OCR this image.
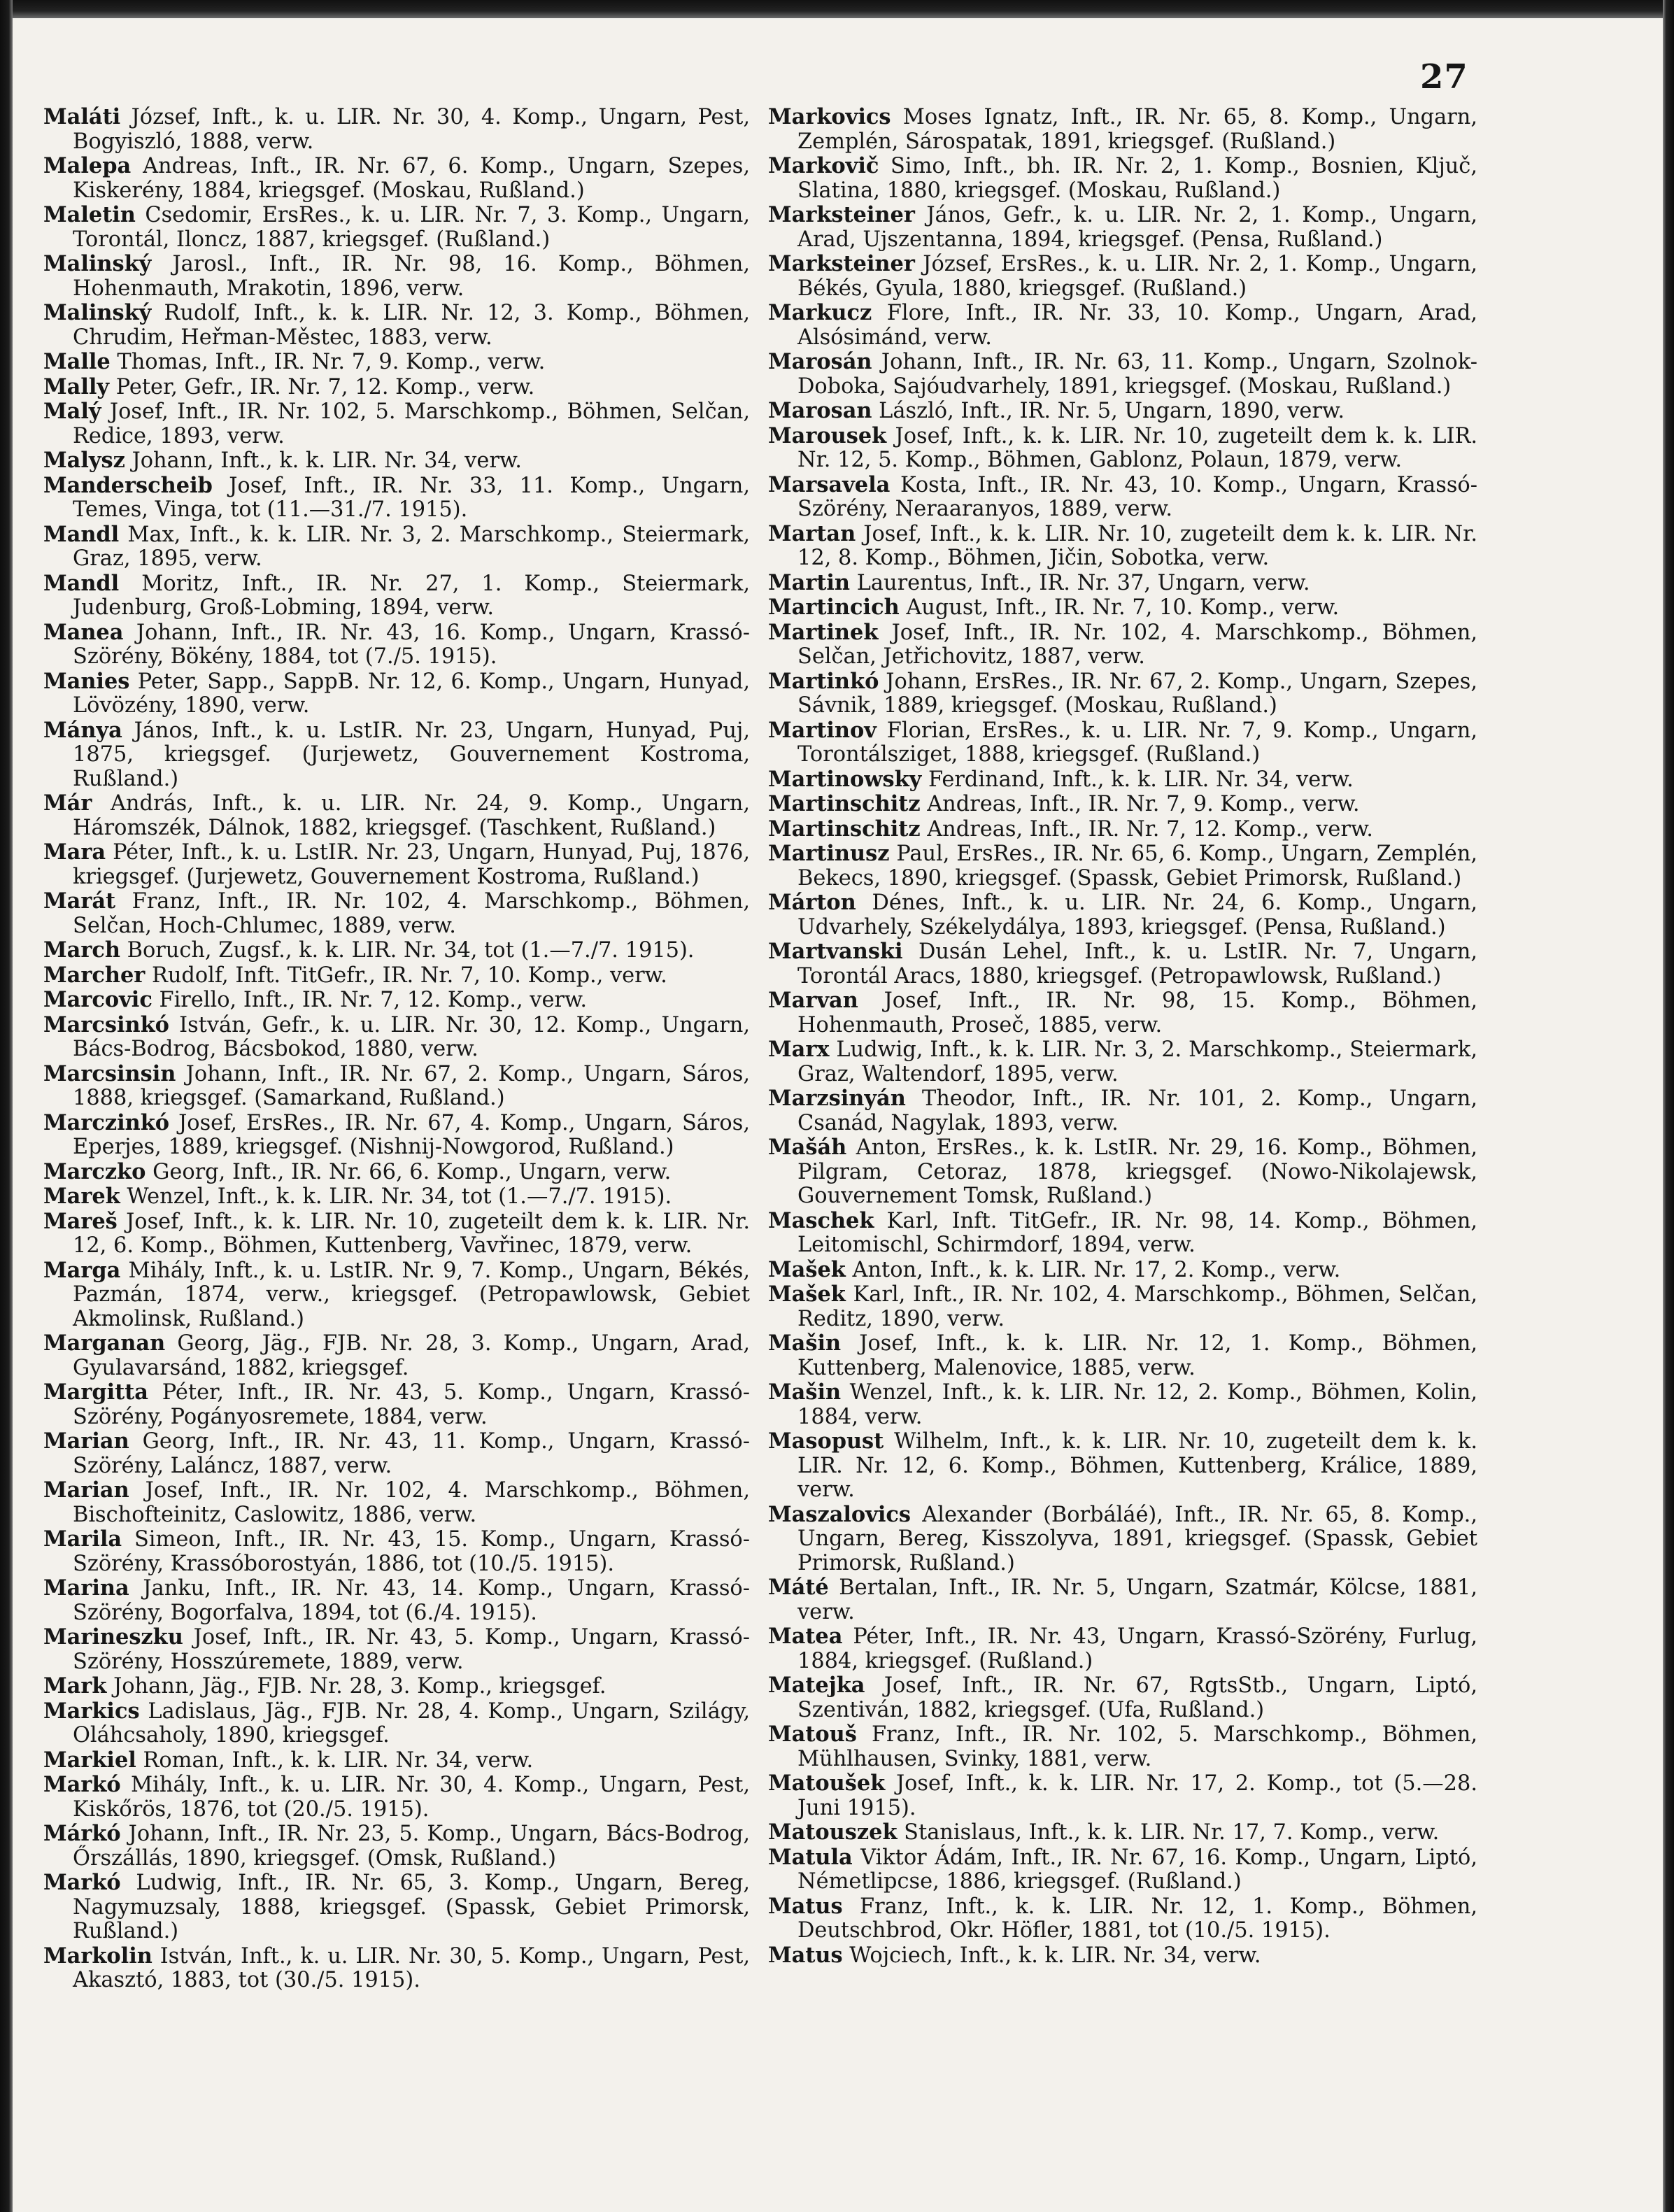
27

Maláti József, Inft., k. u. LIR. Nr. 30, 4. Komp., Ungarn, Pest, Bogyiszló, 1888, verw.

Malepa Andreas, Inft., IR. Nr. 67, 6. Komp., Ungarn, Szepes, Kiskerény, 1884, kriegsgef. (Moskau, Rußland.)

Maletin Csedomir, ErsRes., k. u. LIR. Nr. 7, 3. Komp., Ungarn, Torontál, Iloncz, 1887, kriegsgef. (Rußland.)

Malinský Jarosl., Inft., IR. Nr. 98, 16. Komp., Böhmen, Hohenmauth, Mrakotin, 1896, verw.

Malinský Rudolf, Inft., k. k. LIR. Nr. 12, 3. Komp., Böhmen, Chrudim, Heřman-Městec, 1883, verw.

Malle Thomas, Inft., IR. Nr. 7, 9. Komp., verw.

Mally Peter, Gefr., IR. Nr. 7, 12. Komp., verw.

Malý Josef, Inft., IR. Nr. 102, 5. Marschkomp., Böhmen, Selčan, Redice, 1893, verw.

Malysz Johann, Inft., k. k. LIR. Nr. 34, verw.

Manderscheib Josef, Inft., IR. Nr. 33, 11. Komp., Ungarn, Temes, Vinga, tot (11.—31./7. 1915).

Mandl Max, Inft., k. k. LIR. Nr. 3, 2. Marschkomp., Steiermark, Graz, 1895, verw.

Mandl Moritz, Inft., IR. Nr. 27, 1. Komp., Steiermark, Judenburg, Groß-Lobming, 1894, verw.

Manea Johann, Inft., IR. Nr. 43, 16. Komp., Ungarn, Krassó-Szörény, Bökény, 1884, tot (7./5. 1915).

Manies Peter, Sapp., SappB. Nr. 12, 6. Komp., Ungarn, Hunyad, Lövözény, 1890, verw.

Mánya János, Inft., k. u. LstIR. Nr. 23, Ungarn, Hunyad, Puj, 1875, kriegsgef. (Jurjewetz, Gouvernement Kostroma, Rußland.)

Már András, Inft., k. u. LIR. Nr. 24, 9. Komp., Ungarn, Háromszék, Dálnok, 1882, kriegsgef. (Taschkent, Rußland.)

Mara Péter, Inft., k. u. LstIR. Nr. 23, Ungarn, Hunyad, Puj, 1876, kriegsgef. (Jurjewetz, Gouvernement Kostroma, Rußland.)

Marát Franz, Inft., IR. Nr. 102, 4. Marschkomp., Böhmen, Selčan, Hoch-Chlumec, 1889, verw.

March Boruch, Zugsf., k. k. LIR. Nr. 34, tot (1.—7./7. 1915).

Marcher Rudolf, Inft. TitGefr., IR. Nr. 7, 10. Komp., verw.

Marcovic Firello, Inft., IR. Nr. 7, 12. Komp., verw.

Marcsinkó István, Gefr., k. u. LIR. Nr. 30, 12. Komp., Ungarn, Bács-Bodrog, Bácsbokod, 1880, verw.

Marcsinsin Johann, Inft., IR. Nr. 67, 2. Komp., Ungarn, Sáros, 1888, kriegsgef. (Samarkand, Rußland.)

Marczinkó Josef, ErsRes., IR. Nr. 67, 4. Komp., Ungarn, Sáros, Eperjes, 1889, kriegsgef. (Nishnij-Nowgorod, Rußland.)

Marczko Georg, Inft., IR. Nr. 66, 6. Komp., Ungarn, verw.

Marek Wenzel, Inft., k. k. LIR. Nr. 34, tot (1.—7./7. 1915).

Mareš Josef, Inft., k. k. LIR. Nr. 10, zugeteilt dem k. k. LIR. Nr. 12, 6. Komp., Böhmen, Kuttenberg, Vavřinec, 1879, verw.

Marga Mihály, Inft., k. u. LstIR. Nr. 9, 7. Komp., Ungarn, Békés, Pazmán, 1874, verw., kriegsgef. (Petropawlowsk, Gebiet Akmolinsk, Rußland.)

Marganan Georg, Jäg., FJB. Nr. 28, 3. Komp., Ungarn, Arad, Gyulavarsánd, 1882, kriegsgef.

Margitta Péter, Inft., IR. Nr. 43, 5. Komp., Ungarn, Krassó-Szörény, Pogányosremete, 1884, verw.

Marian Georg, Inft., IR. Nr. 43, 11. Komp., Ungarn, Krassó-Szörény, Laláncz, 1887, verw.

Marian Josef, Inft., IR. Nr. 102, 4. Marschkomp., Böhmen, Bischofteinitz, Caslowitz, 1886, verw.

Marila Simeon, Inft., IR. Nr. 43, 15. Komp., Ungarn, Krassó-Szörény, Krassóborostyán, 1886, tot (10./5. 1915).

Marina Janku, Inft., IR. Nr. 43, 14. Komp., Ungarn, Krassó-Szörény, Bogorfalva, 1894, tot (6./4. 1915).

Marineszku Josef, Inft., IR. Nr. 43, 5. Komp., Ungarn, Krassó-Szörény, Hosszúremete, 1889, verw.

Mark Johann, Jäg., FJB. Nr. 28, 3. Komp., kriegsgef.

Markics Ladislaus, Jäg., FJB. Nr. 28, 4. Komp., Ungarn, Szilágy, Oláhcsaholy, 1890, kriegsgef.

Markiel Roman, Inft., k. k. LIR. Nr. 34, verw.

Markó Mihály, Inft., k. u. LIR. Nr. 30, 4. Komp., Ungarn, Pest, Kiskőrös, 1876, tot (20./5. 1915).

Márkó Johann, Inft., IR. Nr. 23, 5. Komp., Ungarn, Bács-Bodrog, Őrszállás, 1890, kriegsgef. (Omsk, Rußland.)

Markó Ludwig, Inft., IR. Nr. 65, 3. Komp., Ungarn, Bereg, Nagymuzsaly, 1888, kriegsgef. (Spassk, Gebiet Primorsk, Rußland.)

Markolin István, Inft., k. u. LIR. Nr. 30, 5. Komp., Ungarn, Pest, Akasztó, 1883, tot (30./5. 1915).

Markovics Moses Ignatz, Inft., IR. Nr. 65, 8. Komp., Ungarn, Zemplén, Sárospatak, 1891, kriegsgef. (Rußland.)

Markovič Simo, Inft., bh. IR. Nr. 2, 1. Komp., Bosnien, Ključ, Slatina, 1880, kriegsgef. (Moskau, Rußland.)

Marksteiner János, Gefr., k. u. LIR. Nr. 2, 1. Komp., Ungarn, Arad, Ujszentanna, 1894, kriegsgef. (Pensa, Rußland.)

Marksteiner József, ErsRes., k. u. LIR. Nr. 2, 1. Komp., Ungarn, Békés, Gyula, 1880, kriegsgef. (Rußland.)

Markucz Flore, Inft., IR. Nr. 33, 10. Komp., Ungarn, Arad, Alsósimánd, verw.

Marosán Johann, Inft., IR. Nr. 63, 11. Komp., Ungarn, Szolnok-Doboka, Sajóudvarhely, 1891, kriegsgef. (Moskau, Rußland.)

Marosan László, Inft., IR. Nr. 5, Ungarn, 1890, verw.

Marousek Josef, Inft., k. k. LIR. Nr. 10, zugeteilt dem k. k. LIR. Nr. 12, 5. Komp., Böhmen, Gablonz, Polaun, 1879, verw.

Marsavela Kosta, Inft., IR. Nr. 43, 10. Komp., Ungarn, Krassó-Szörény, Neraaranyos, 1889, verw.

Martan Josef, Inft., k. k. LIR. Nr. 10, zugeteilt dem k. k. LIR. Nr. 12, 8. Komp., Böhmen, Jičin, Sobotka, verw.

Martin Laurentus, Inft., IR. Nr. 37, Ungarn, verw.

Martincich August, Inft., IR. Nr. 7, 10. Komp., verw.

Martinek Josef, Inft., IR. Nr. 102, 4. Marschkomp., Böhmen, Selčan, Jetřichovitz, 1887, verw.

Martinkó Johann, ErsRes., IR. Nr. 67, 2. Komp., Ungarn, Szepes, Sávnik, 1889, kriegsgef. (Moskau, Rußland.)

Martinov Florian, ErsRes., k. u. LIR. Nr. 7, 9. Komp., Ungarn, Torontálsziget, 1888, kriegsgef. (Rußland.)

Martinowsky Ferdinand, Inft., k. k. LIR. Nr. 34, verw.

Martinschitz Andreas, Inft., IR. Nr. 7, 9. Komp., verw.

Martinschitz Andreas, Inft., IR. Nr. 7, 12. Komp., verw.

Martinusz Paul, ErsRes., IR. Nr. 65, 6. Komp., Ungarn, Zemplén, Bekecs, 1890, kriegsgef. (Spassk, Gebiet Primorsk, Rußland.)

Márton Dénes, Inft., k. u. LIR. Nr. 24, 6. Komp., Ungarn, Udvarhely, Székelydálya, 1893, kriegsgef. (Pensa, Rußland.)

Martvanski Dusán Lehel, Inft., k. u. LstIR. Nr. 7, Ungarn, Torontál Aracs, 1880, kriegsgef. (Petropawlowsk, Rußland.)

Marvan Josef, Inft., IR. Nr. 98, 15. Komp., Böhmen, Hohenmauth, Proseč, 1885, verw.

Marx Ludwig, Inft., k. k. LIR. Nr. 3, 2. Marschkomp., Steiermark, Graz, Waltendorf, 1895, verw.

Marzsinyán Theodor, Inft., IR. Nr. 101, 2. Komp., Ungarn, Csanád, Nagylak, 1893, verw.

Mašáh Anton, ErsRes., k. k. LstIR. Nr. 29, 16. Komp., Böhmen, Pilgram, Cetoraz, 1878, kriegsgef. (Nowo-Nikolajewsk, Gouvernement Tomsk, Rußland.)

Maschek Karl, Inft. TitGefr., IR. Nr. 98, 14. Komp., Böhmen, Leitomischl, Schirmdorf, 1894, verw.

Mašek Anton, Inft., k. k. LIR. Nr. 17, 2. Komp., verw.

Mašek Karl, Inft., IR. Nr. 102, 4. Marschkomp., Böhmen, Selčan, Reditz, 1890, verw.

Mašin Josef, Inft., k. k. LIR. Nr. 12, 1. Komp., Böhmen, Kuttenberg, Malenovice, 1885, verw.

Mašin Wenzel, Inft., k. k. LIR. Nr. 12, 2. Komp., Böhmen, Kolin, 1884, verw.

Masopust Wilhelm, Inft., k. k. LIR. Nr. 10, zugeteilt dem k. k. LIR. Nr. 12, 6. Komp., Böhmen, Kuttenberg, Králice, 1889, verw.

Maszalovics Alexander (Borbáláé), Inft., IR. Nr. 65, 8. Komp., Ungarn, Bereg, Kisszolyva, 1891, kriegsgef. (Spassk, Gebiet Primorsk, Rußland.)

Máté Bertalan, Inft., IR. Nr. 5, Ungarn, Szatmár, Kölcse, 1881, verw.

Matea Péter, Inft., IR. Nr. 43, Ungarn, Krassó-Szörény, Furlug, 1884, kriegsgef. (Rußland.)

Matejka Josef, Inft., IR. Nr. 67, RgtsStb., Ungarn, Liptó, Szentiván, 1882, kriegsgef. (Ufa, Rußland.)

Matouš Franz, Inft., IR. Nr. 102, 5. Marschkomp., Böhmen, Mühlhausen, Svinky, 1881, verw.

Matoušek Josef, Inft., k. k. LIR. Nr. 17, 2. Komp., tot (5.—28. Juni 1915).

Matouszek Stanislaus, Inft., k. k. LIR. Nr. 17, 7. Komp., verw.

Matula Viktor Ádám, Inft., IR. Nr. 67, 16. Komp., Ungarn, Liptó, Németlipcse, 1886, kriegsgef. (Rußland.)

Matus Franz, Inft., k. k. LIR. Nr. 12, 1. Komp., Böhmen, Deutschbrod, Okr. Höfler, 1881, tot (10./5. 1915).

Matus Wojciech, Inft., k. k. LIR. Nr. 34, verw.
